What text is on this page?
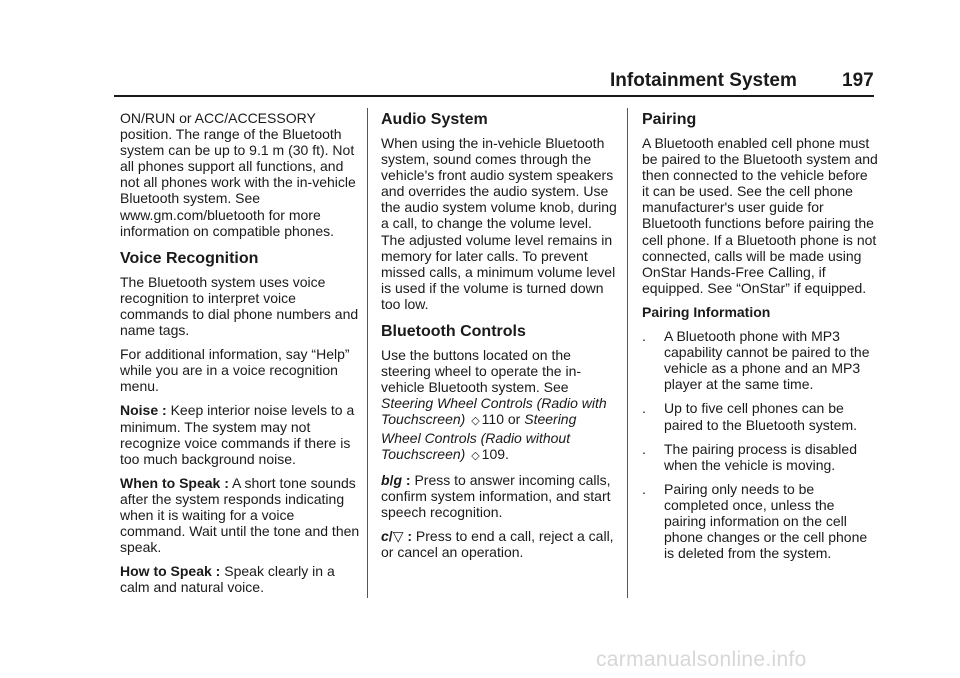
Infotainment System 197

ON/RUN or ACC/ACCESSORY position. The range of the Bluetooth system can be up to 9.1 m (30 ft). Not all phones support all functions, and not all phones work with the in-vehicle Bluetooth system. See www.gm.com/bluetooth for more information on compatible phones.

Voice Recognition

The Bluetooth system uses voice recognition to interpret voice commands to dial phone numbers and name tags.

For additional information, say “Help” while you are in a voice recognition menu.

Noise : Keep interior noise levels to a minimum. The system may not recognize voice commands if there is too much background noise.

When to Speak : A short tone sounds after the system responds indicating when it is waiting for a voice command. Wait until the tone and then speak.

How to Speak : Speak clearly in a calm and natural voice.

Audio System

When using the in-vehicle Bluetooth system, sound comes through the vehicle's front audio system speakers and overrides the audio system. Use the audio system volume knob, during a call, to change the volume level. The adjusted volume level remains in memory for later calls. To prevent missed calls, a minimum volume level is used if the volume is turned down too low.

Bluetooth Controls

Use the buttons located on the steering wheel to operate the in-vehicle Bluetooth system. See Steering Wheel Controls (Radio with Touchscreen) ◇ 110 or Steering Wheel Controls (Radio without Touchscreen) ◇ 109.

b/g : Press to answer incoming calls, confirm system information, and start speech recognition.

c/▽ : Press to end a call, reject a call, or cancel an operation.

Pairing

A Bluetooth enabled cell phone must be paired to the Bluetooth system and then connected to the vehicle before it can be used. See the cell phone manufacturer's user guide for Bluetooth functions before pairing the cell phone. If a Bluetooth phone is not connected, calls will be made using OnStar Hands-Free Calling, if equipped. See “OnStar” if equipped.

Pairing Information

. A Bluetooth phone with MP3 capability cannot be paired to the vehicle as a phone and an MP3 player at the same time.
. Up to five cell phones can be paired to the Bluetooth system.
. The pairing process is disabled when the vehicle is moving.
. Pairing only needs to be completed once, unless the pairing information on the cell phone changes or the cell phone is deleted from the system.
carmanualsonline.info
